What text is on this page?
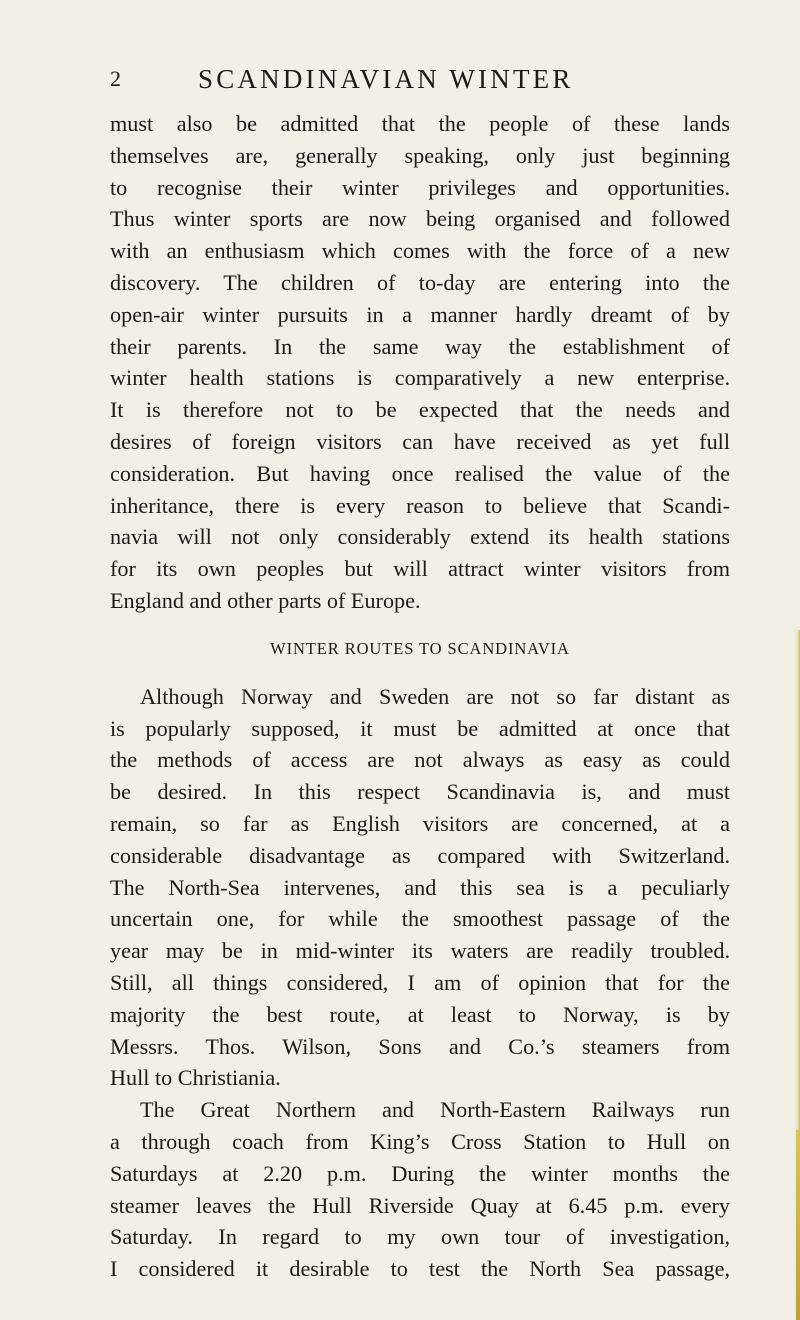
2	SCANDINAVIAN WINTER
must also be admitted that the people of these lands
themselves are, generally speaking, only just beginning
to recognise their winter privileges and opportunities.
Thus winter sports are now being organised and followed
with an enthusiasm which comes with the force of a new
discovery. The children of to-day are entering into the
open-air winter pursuits in a manner hardly dreamt of by
their parents. In the same way the establishment of
winter health stations is comparatively a new enterprise.
It is therefore not to be expected that the needs and
desires of foreign visitors can have received as yet full
consideration. But having once realised the value of the
inheritance, there is every reason to believe that Scandi-
navia will not only considerably extend its health stations
for its own peoples but will attract winter visitors from
England and other parts of Europe.
WINTER ROUTES TO SCANDINAVIA
Although Norway and Sweden are not so far distant as
is popularly supposed, it must be admitted at once that
the methods of access are not always as easy as could
be desired. In this respect Scandinavia is, and must
remain, so far as English visitors are concerned, at a
considerable disadvantage as compared with Switzerland.
The North-Sea intervenes, and this sea is a peculiarly
uncertain one, for while the smoothest passage of the
year may be in mid-winter its waters are readily troubled.
Still, all things considered, I am of opinion that for the
majority the best route, at least to Norway, is by
Messrs. Thos. Wilson, Sons and Co.’s steamers from
Hull to Christiania.
The Great Northern and North-Eastern Railways run
a through coach from King’s Cross Station to Hull on
Saturdays at 2.20 p.m. During the winter months the
steamer leaves the Hull Riverside Quay at 6.45 p.m. every
Saturday. In regard to my own tour of investigation,
I considered it desirable to test the North Sea passage,
